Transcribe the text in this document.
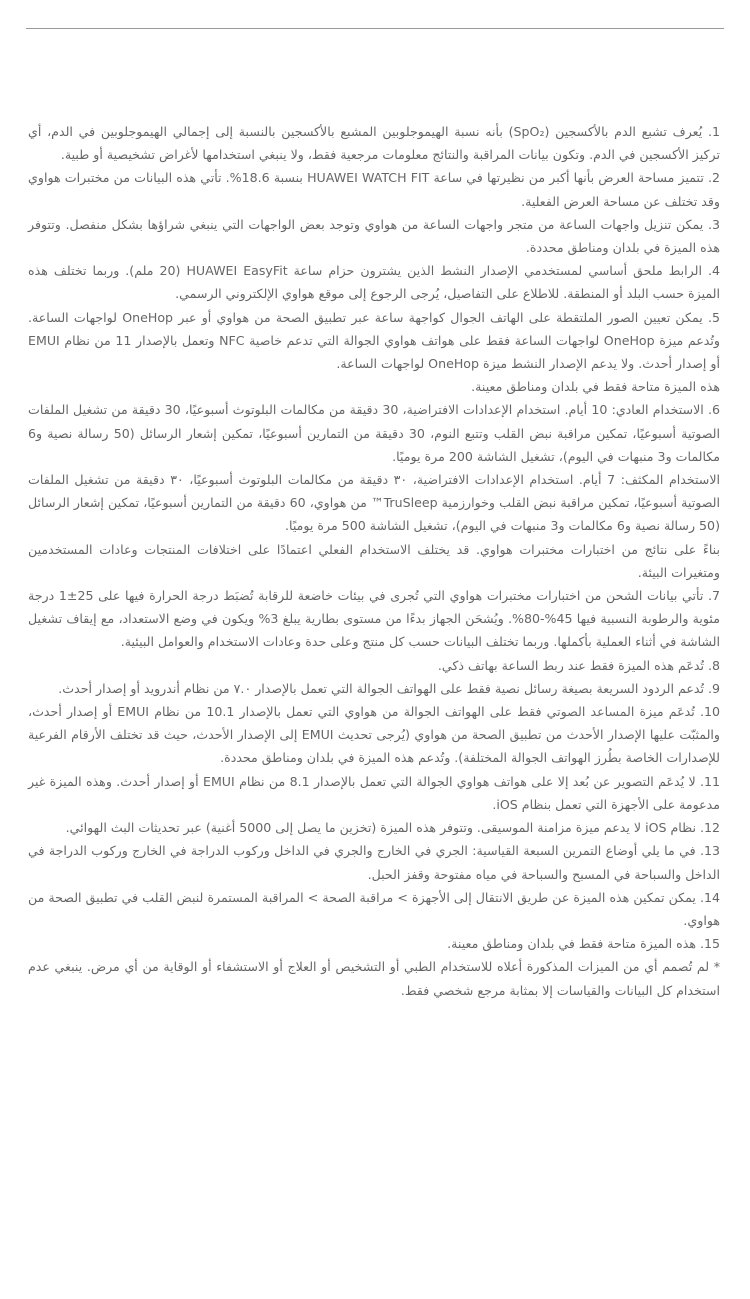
1. يُعرف تشبع الدم بالأكسجين (SpO₂) بأنه نسبة الهيموجلوبين المشبع بالأكسجين بالنسبة إلى إجمالي الهيموجلوبين في الدم، أي تركيز الأكسجين في الدم. وتكون بيانات المراقبة والنتائج معلومات مرجعية فقط، ولا ينبغي استخدامها لأغراض تشخيصية أو طبية.

2. تتميز مساحة العرض بأنها أكبر من نظيرتها في ساعة HUAWEI WATCH FIT بنسبة 18.6%. تأتي هذه البيانات من مختبرات هواوي وقد تختلف عن مساحة العرض الفعلية.

3. يمكن تنزيل واجهات الساعة من متجر واجهات الساعة من هواوي وتوجد بعض الواجهات التي ينبغي شراؤها بشكل منفصل. وتتوفر هذه الميزة في بلدان ومناطق محددة.

4. الرابط ملحق أساسي لمستخدمي الإصدار النشط الذين يشترون حزام ساعة HUAWEI EasyFit (20 ملم). وربما تختلف هذه الميزة حسب البلد أو المنطقة. للاطلاع على التفاصيل، يُرجى الرجوع إلى موقع هواوي الإلكتروني الرسمي.

5. يمكن تعيين الصور الملتقطة على الهاتف الجوال كواجهة ساعة عبر تطبيق الصحة من هواوي أو عبر OneHop لواجهات الساعة. وتُدعم ميزة OneHop لواجهات الساعة فقط على هواتف هواوي الجوالة التي تدعم خاصية NFC وتعمل بالإصدار 11 من نظام EMUI أو إصدار أحدث. ولا يدعم الإصدار النشط ميزة OneHop لواجهات الساعة.

هذه الميزة متاحة فقط في بلدان ومناطق معينة.

6. الاستخدام العادي: 10 أيام. استخدام الإعدادات الافتراضية، 30 دقيقة من مكالمات البلوتوث أسبوعيًا، 30 دقيقة من تشغيل الملفات الصوتية أسبوعيًا، تمكين مراقبة نبض القلب وتتبع النوم، 30 دقيقة من التمارين أسبوعيًا، تمكين إشعار الرسائل (50 رسالة نصية و6 مكالمات و3 منبهات في اليوم)، تشغيل الشاشة 200 مرة يوميًا.

الاستخدام المكثف: 7 أيام. استخدام الإعدادات الافتراضية، ٣٠ دقيقة من مكالمات البلوتوث أسبوعيًا، ٣٠ دقيقة من تشغيل الملفات الصوتية أسبوعيًا، تمكين مراقبة نبض القلب وخوارزمية TruSleep™ من هواوي، 60 دقيقة من التمارين أسبوعيًا، تمكين إشعار الرسائل (50 رسالة نصية و6 مكالمات و3 منبهات في اليوم)، تشغيل الشاشة 500 مرة يوميًا.

بناءً على نتائج من اختبارات مختبرات هواوي. قد يختلف الاستخدام الفعلي اعتمادًا على اختلافات المنتجات وعادات المستخدمين ومتغيرات البيئة.

7. تأتي بيانات الشحن من اختبارات مختبرات هواوي التي تُجرى في بيئات خاضعة للرقابة تُضبَط درجة الحرارة فيها على 25±1 درجة مئوية والرطوبة النسبية فيها 45%-80%. ويُشحَن الجهاز بدءًا من مستوى بطارية يبلغ 3% ويكون في وضع الاستعداد، مع إيقاف تشغيل الشاشة في أثناء العملية بأكملها. وربما تختلف البيانات حسب كل منتج وعلى حدة وعادات الاستخدام والعوامل البيئية.

8. تُدعَم هذه الميزة فقط عند ربط الساعة بهاتف ذكي.

9. تُدعم الردود السريعة بصيغة رسائل نصية فقط على الهواتف الجوالة التي تعمل بالإصدار ٧.٠ من نظام أندرويد أو إصدار أحدث.

10. تُدعَم ميزة المساعد الصوتي فقط على الهواتف الجوالة من هواوي التي تعمل بالإصدار 10.1 من نظام EMUI أو إصدار أحدث، والمثبّت عليها الإصدار الأحدث من تطبيق الصحة من هواوي (يُرجى تحديث EMUI إلى الإصدار الأحدث، حيث قد تختلف الأرقام الفرعية للإصدارات الخاصة بطُرز الهواتف الجوالة المختلفة). وتُدعم هذه الميزة في بلدان ومناطق محددة.

11. لا يُدعَم التصوير عن بُعد إلا على هواتف هواوي الجوالة التي تعمل بالإصدار 8.1 من نظام EMUI أو إصدار أحدث. وهذه الميزة غير مدعومة على الأجهزة التي تعمل بنظام iOS.

12. نظام iOS لا يدعم ميزة مزامنة الموسيقى. وتتوفر هذه الميزة (تخزين ما يصل إلى 5000 أغنية) عبر تحديثات البث الهوائي.

13. في ما يلي أوضاع التمرين السبعة القياسية: الجري في الخارج والجري في الداخل وركوب الدراجة في الخارج وركوب الدراجة في الداخل والسباحة في المسبح والسباحة في مياه مفتوحة وقفز الحبل.

14. يمكن تمكين هذه الميزة عن طريق الانتقال إلى الأجهزة > مراقبة الصحة > المراقبة المستمرة لنبض القلب في تطبيق الصحة من هواوي.

15. هذه الميزة متاحة فقط في بلدان ومناطق معينة.

* لم تُصمم أي من الميزات المذكورة أعلاه للاستخدام الطبي أو التشخيص أو العلاج أو الاستشفاء أو الوقاية من أي مرض. ينبغي عدم استخدام كل البيانات والقياسات إلا بمثابة مرجع شخصي فقط.
